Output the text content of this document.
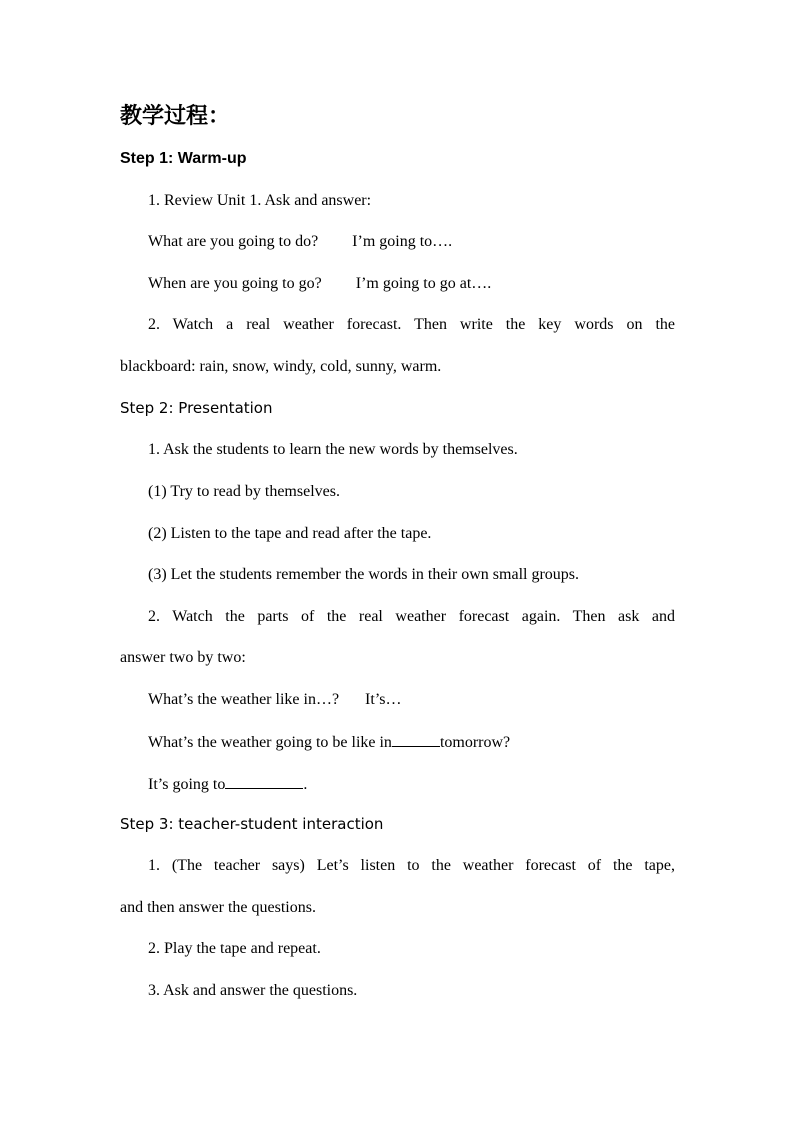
教学过程：
Step 1: Warm-up
1. Review Unit 1. Ask and answer:
What are you going to do? I’m going to….
When are you going to go? I’m going to go at….
2. Watch a real weather forecast. Then write the key words on the
blackboard: rain, snow, windy, cold, sunny, warm.
Step 2: Presentation
1. Ask the students to learn the new words by themselves.
(1) Try to read by themselves.
(2) Listen to the tape and read after the tape.
(3) Let the students remember the words in their own small groups.
2. Watch the parts of the real weather forecast again. Then ask and
answer two by two:
What’s the weather like in…? It’s…
What’s the weather going to be like in	tomorrow?
It’s going to	.
Step 3: teacher-student interaction
1. (The teacher says) Let’s listen to the weather forecast of the tape,
and then answer the questions.
2. Play the tape and repeat.
3. Ask and answer the questions.
